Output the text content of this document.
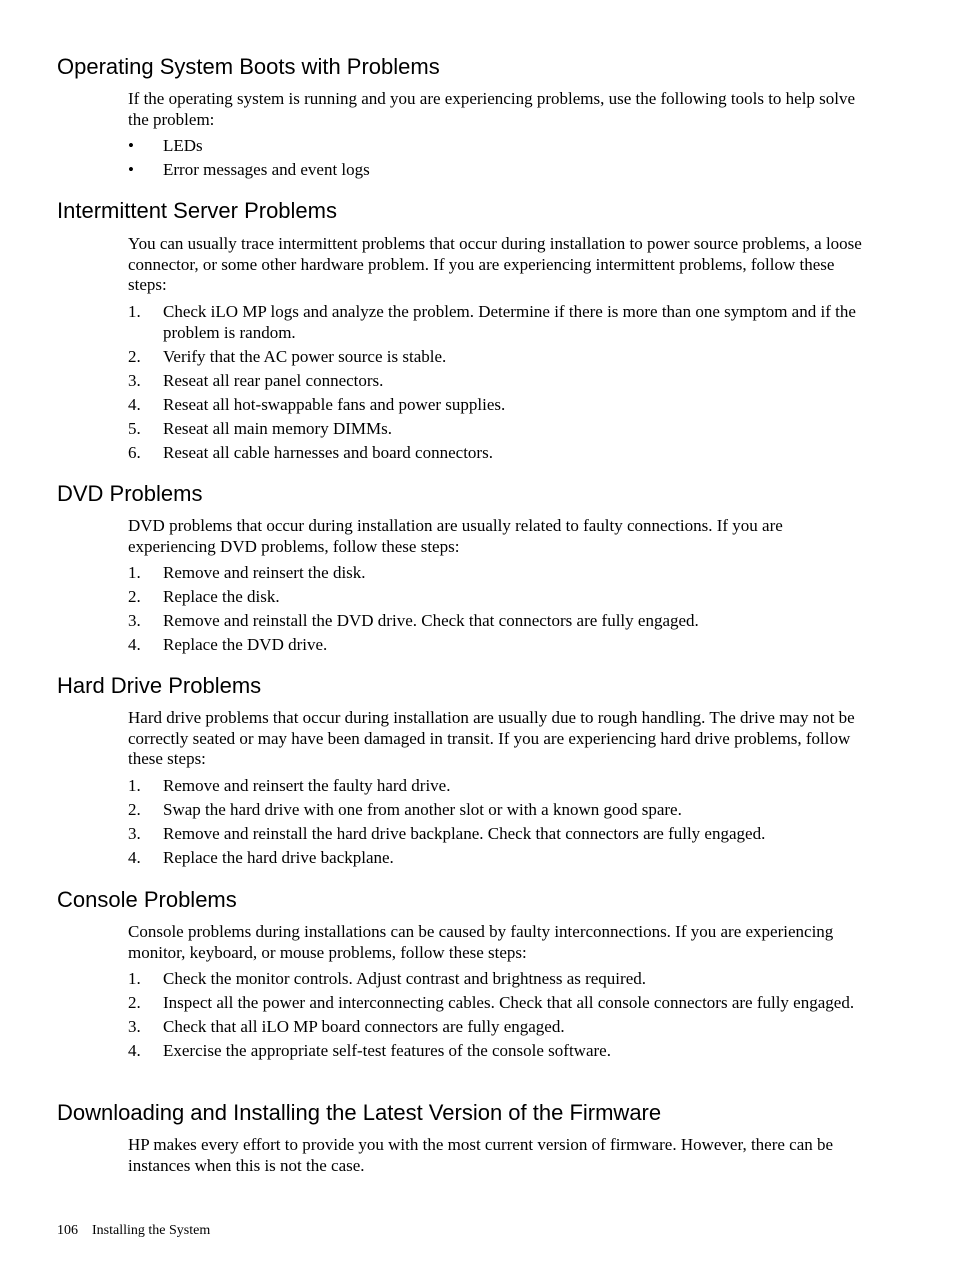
Operating System Boots with Problems

If the operating system is running and you are experiencing problems, use the following tools to help solve the problem:

• LEDs
• Error messages and event logs
Intermittent Server Problems

You can usually trace intermittent problems that occur during installation to power source problems, a loose connector, or some other hardware problem. If you are experiencing intermittent problems, follow these steps:

1. Check iLO MP logs and analyze the problem. Determine if there is more than one symptom and if the problem is random.
2. Verify that the AC power source is stable.
3. Reseat all rear panel connectors.
4. Reseat all hot-swappable fans and power supplies.
5. Reseat all main memory DIMMs.
6. Reseat all cable harnesses and board connectors.
DVD Problems

DVD problems that occur during installation are usually related to faulty connections. If you are experiencing DVD problems, follow these steps:

1. Remove and reinsert the disk.
2. Replace the disk.
3. Remove and reinstall the DVD drive. Check that connectors are fully engaged.
4. Replace the DVD drive.
Hard Drive Problems

Hard drive problems that occur during installation are usually due to rough handling. The drive may not be correctly seated or may have been damaged in transit. If you are experiencing hard drive problems, follow these steps:

1. Remove and reinsert the faulty hard drive.
2. Swap the hard drive with one from another slot or with a known good spare.
3. Remove and reinstall the hard drive backplane. Check that connectors are fully engaged.
4. Replace the hard drive backplane.
Console Problems

Console problems during installations can be caused by faulty interconnections. If you are experiencing monitor, keyboard, or mouse problems, follow these steps:

1. Check the monitor controls. Adjust contrast and brightness as required.
2. Inspect all the power and interconnecting cables. Check that all console connectors are fully engaged.
3. Check that all iLO MP board connectors are fully engaged.
4. Exercise the appropriate self-test features of the console software.
Downloading and Installing the Latest Version of the Firmware

HP makes every effort to provide you with the most current version of firmware. However, there can be instances when this is not the case.

106 Installing the System
